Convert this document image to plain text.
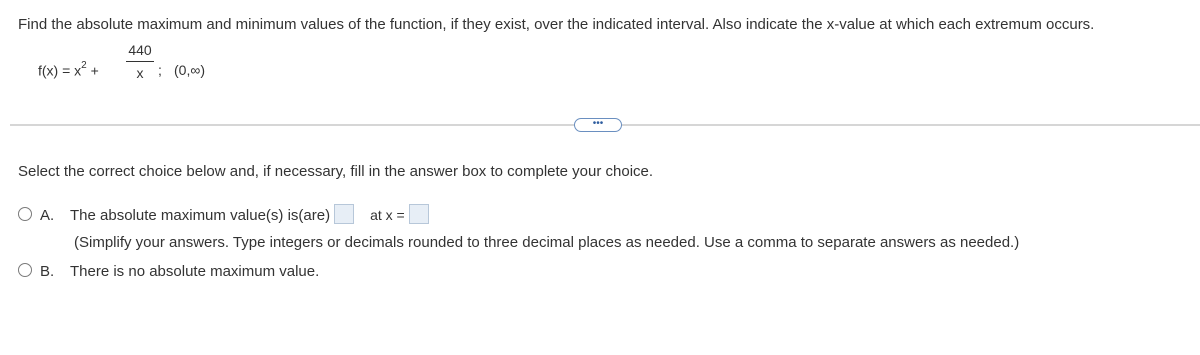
Find the absolute maximum and minimum values of the function, if they exist, over the indicated interval. Also indicate the x-value at which each extremum occurs.
$f(x) = x^2$ +
440
x	; (0,∞)
•••
Select the correct choice below and, if necessary, fill in the answer box to complete your choice.
A. The absolute maximum value(s) is(are)	at x =
(Simplify your answers. Type integers or decimals rounded to three decimal places as needed. Use a comma to separate answers as needed.)
B. There is no absolute maximum value.
